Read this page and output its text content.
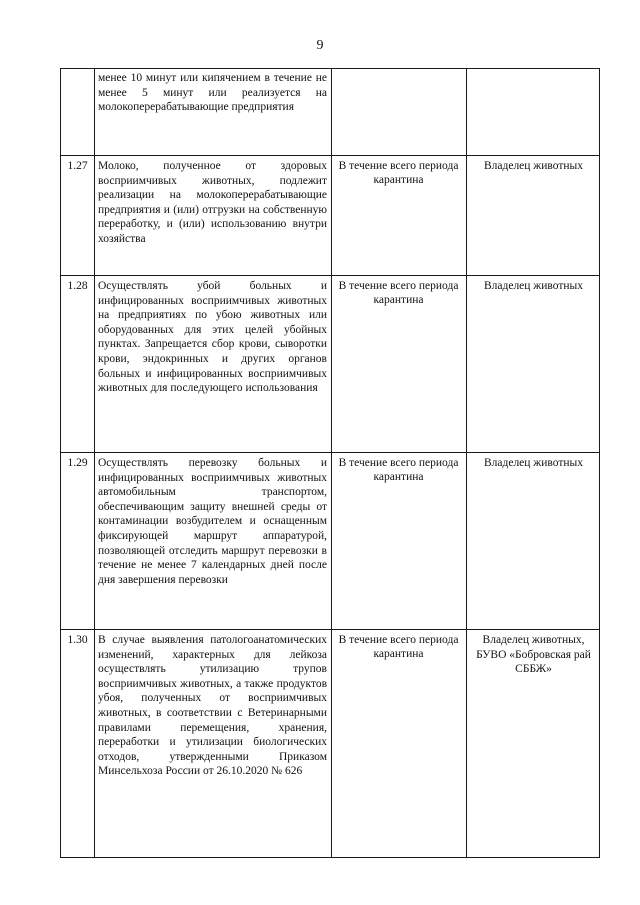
9
менее 10 минут или кипячением в течение не менее 5 минут или реализуется на молокоперерабатывающие предприятия
1.27 Молоко, полученное от здоровых восприимчивых животных, подлежит реализации на молокоперерабатывающие предприятия и (или) отгрузки на собственную переработку, и (или) использованию внутри хозяйства
В течение всего периода карантина
Владелец животных
1.28 Осуществлять убой больных и инфицированных восприимчивых животных на предприятиях по убою животных или оборудованных для этих целей убойных пунктах. Запрещается сбор крови, сыворотки крови, эндокринных и других органов больных и инфицированных восприимчивых животных для последующего использования
В течение всего периода карантина
Владелец животных
1.29 Осуществлять перевозку больных и инфицированных восприимчивых животных автомобильным транспортом, обеспечивающим защиту внешней среды от контаминации возбудителем и оснащенным фиксирующей маршрут аппаратурой, позволяющей отследить маршрут перевозки в течение не менее 7 календарных дней после дня завершения перевозки
В течение всего периода карантина
Владелец животных
1.30 В случае выявления патологоанатомических изменений, характерных для лейкоза осуществлять утилизацию трупов восприимчивых животных, а также продуктов убоя, полученных от восприимчивых животных, в соответствии с Ветеринарными правилами перемещения, хранения, переработки и утилизации биологических отходов, утвержденными Приказом Минсельхоза России от 26.10.2020 № 626
В течение всего периода карантина
Владелец животных, БУВО «Бобровская рай СББЖ»
